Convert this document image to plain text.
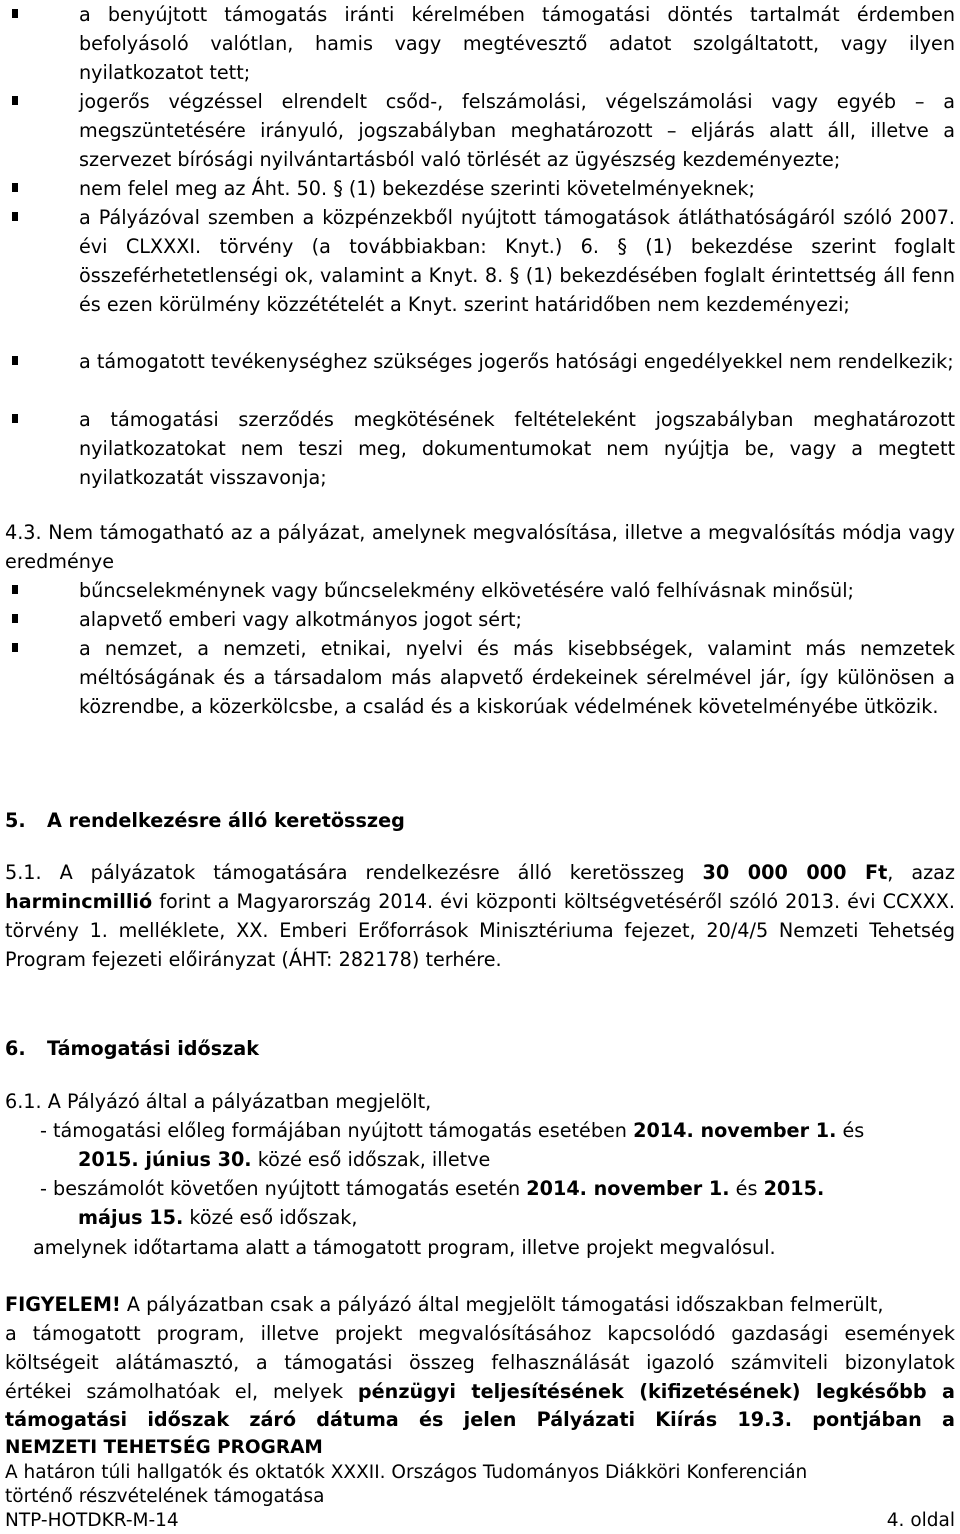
a benyújtott támogatás iránti kérelmében támogatási döntés tartalmát érdemben befolyásoló valótlan, hamis vagy megtévesztő adatot szolgáltatott, vagy ilyen nyilatkozatot tett;
jogerős végzéssel elrendelt csőd-, felszámolási, végelszámolási vagy egyéb – a megszüntetésére irányuló, jogszabályban meghatározott – eljárás alatt áll, illetve a szervezet bírósági nyilvántartásból való törlését az ügyészség kezdeményezte;
nem felel meg az Áht. 50. § (1) bekezdése szerinti követelményeknek;
a Pályázóval szemben a közpénzekből nyújtott támogatások átláthatóságáról szóló 2007. évi CLXXXI. törvény (a továbbiakban: Knyt.) 6. § (1) bekezdése szerint foglalt összeférhetetlenségi ok, valamint a Knyt. 8. § (1) bekezdésében foglalt érintettség áll fenn és ezen körülmény közzétételét a Knyt. szerint határidőben nem kezdeményezi;
a támogatott tevékenységhez szükséges jogerős hatósági engedélyekkel nem rendelkezik;
a támogatási szerződés megkötésének feltételeként jogszabályban meghatározott nyilatkozatokat nem teszi meg, dokumentumokat nem nyújtja be, vagy a megtett nyilatkozatát visszavonja;
4.3. Nem támogatható az a pályázat, amelynek megvalósítása, illetve a megvalósítás módja vagy eredménye
bűncselekménynek vagy bűncselekmény elkövetésére való felhívásnak minősül;
alapvető emberi vagy alkotmányos jogot sért;
a nemzet, a nemzeti, etnikai, nyelvi és más kisebbségek, valamint más nemzetek méltóságának és a társadalom más alapvető érdekeinek sérelmével jár, így különösen a közrendbe, a közerkölcsbe, a család és a kiskorúak védelmének követelményébe ütközik.
5. A rendelkezésre álló keretösszeg
5.1. A pályázatok támogatására rendelkezésre álló keretösszeg 30 000 000 Ft, azaz harmincmillió forint a Magyarország 2014. évi központi költségvetéséről szóló 2013. évi CCXXX. törvény 1. melléklete, XX. Emberi Erőforrások Minisztériuma fejezet, 20/4/5 Nemzeti Tehetség Program fejezeti előirányzat (ÁHT: 282178) terhére.
6. Támogatási időszak
6.1. A Pályázó által a pályázatban megjelölt,
- támogatási előleg formájában nyújtott támogatás esetében 2014. november 1. és
2015. június 30. közé eső időszak, illetve
- beszámolót követően nyújtott támogatás esetén 2014. november 1. és 2015.
május 15. közé eső időszak,
amelynek időtartama alatt a támogatott program, illetve projekt megvalósul.
FIGYELEM! A pályázatban csak a pályázó által megjelölt támogatási időszakban felmerült,
a támogatott program, illetve projekt megvalósításához kapcsolódó gazdasági események
költségeit alátámasztó, a támogatási összeg felhasználását igazoló számviteli bizonylatok
értékei számolhatóak el, melyek pénzügyi teljesítésének (kifizetésének) legkésőbb a
támogatási időszak záró dátuma és jelen Pályázati Kiírás 19.3. pontjában a
NEMZETI TEHETSÉG PROGRAM
A határon túli hallgatók és oktatók XXXII. Országos Tudományos Diákköri Konferencián
történő részvételének támogatása
NTP-HOTDKR-M-14	4. oldal
